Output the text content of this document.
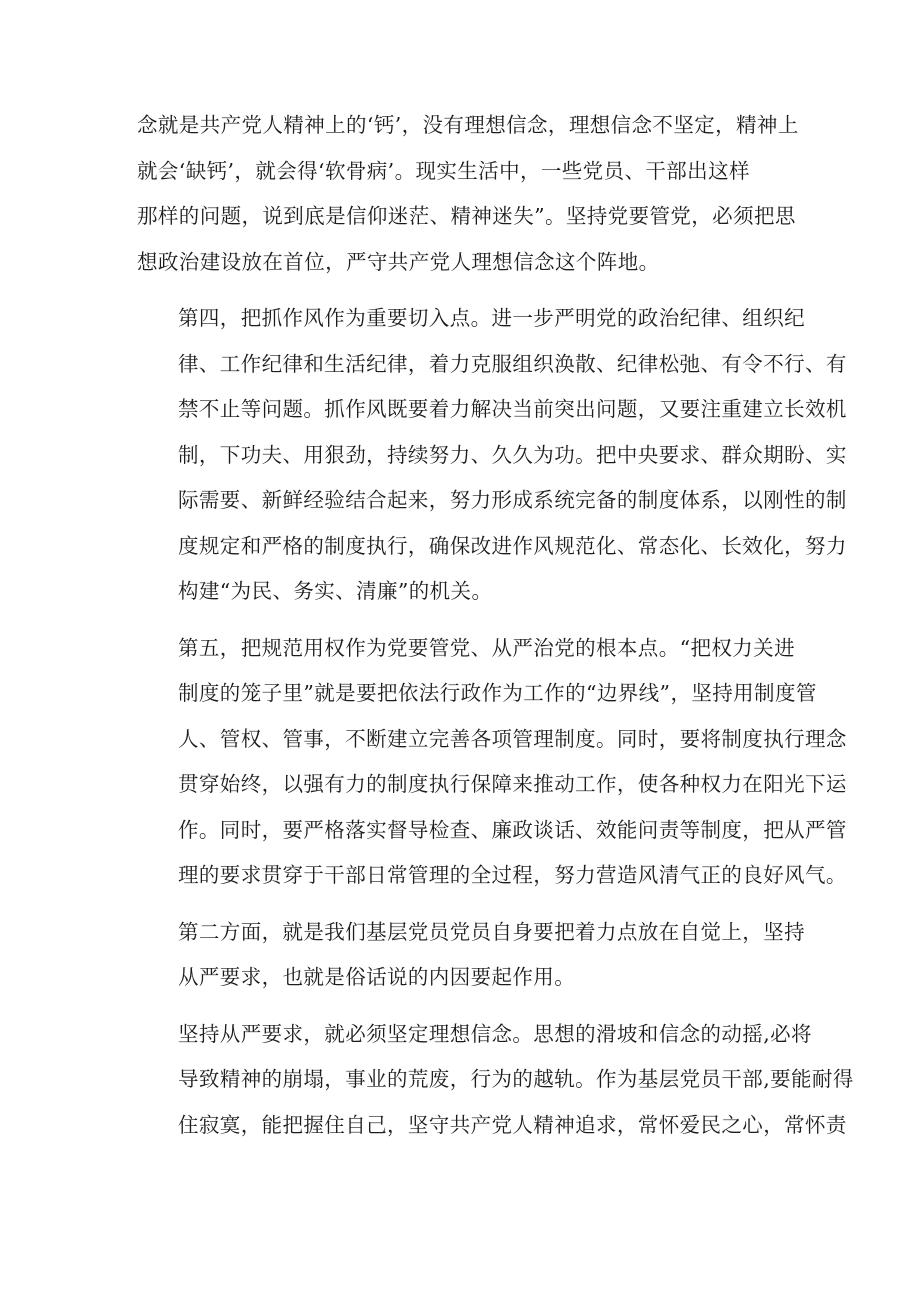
念就是共产党人精神上的‘钙’，没有理想信念，理想信念不坚定，精神上
就会‘缺钙’，就会得‘软骨病’。现实生活中，一些党员、干部出这样
那样的问题，说到底是信仰迷茫、精神迷失”。坚持党要管党，必须把思
想政治建设放在首位，严守共产党人理想信念这个阵地。

第四，把抓作风作为重要切入点。进一步严明党的政治纪律、组织纪
律、工作纪律和生活纪律，着力克服组织涣散、纪律松弛、有令不行、有
禁不止等问题。抓作风既要着力解决当前突出问题，又要注重建立长效机
制，下功夫、用狠劲，持续努力、久久为功。把中央要求、群众期盼、实
际需要、新鲜经验结合起来，努力形成系统完备的制度体系，以刚性的制
度规定和严格的制度执行，确保改进作风规范化、常态化、长效化，努力
构建“为民、务实、清廉”的机关。

第五，把规范用权作为党要管党、从严治党的根本点。“把权力关进
制度的笼子里”就是要把依法行政作为工作的“边界线”，坚持用制度管
人、管权、管事，不断建立完善各项管理制度。同时，要将制度执行理念
贯穿始终，以强有力的制度执行保障来推动工作，使各种权力在阳光下运
作。同时，要严格落实督导检查、廉政谈话、效能问责等制度，把从严管
理的要求贯穿于干部日常管理的全过程，努力营造风清气正的良好风气。

第二方面，就是我们基层党员党员自身要把着力点放在自觉上，坚持
从严要求，也就是俗话说的内因要起作用。

坚持从严要求，就必须坚定理想信念。思想的滑坡和信念的动摇,必将
导致精神的崩塌，事业的荒废，行为的越轨。作为基层党员干部,要能耐得
住寂寞，能把握住自己，坚守共产党人精神追求，常怀爱民之心，常怀责
